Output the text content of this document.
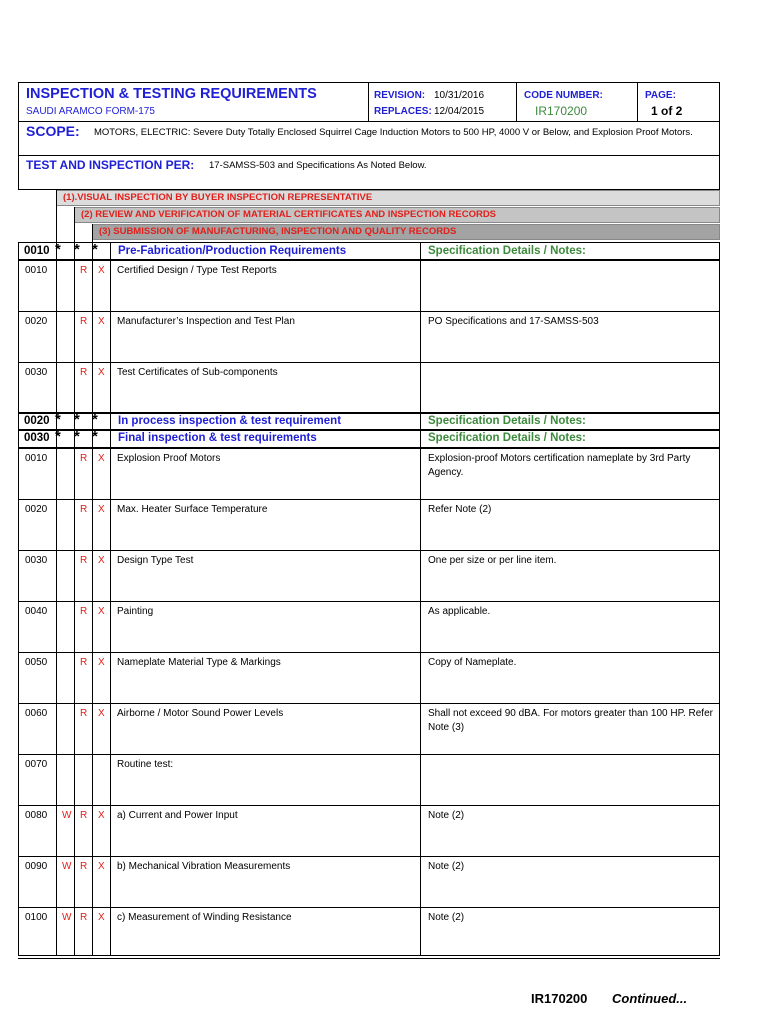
INSPECTION & TESTING REQUIREMENTS
SAUDI ARAMCO FORM-175
REVISION: 10/31/2016
REPLACES: 12/04/2015
CODE NUMBER:
IR170200
PAGE:
1 of 2
SCOPE: MOTORS, ELECTRIC: Severe Duty Totally Enclosed Squirrel Cage Induction Motors to 500 HP, 4000 V or Below, and Explosion Proof Motors.
TEST AND INSPECTION PER: 17-SAMSS-503 and Specifications As Noted Below.
(1).VISUAL INSPECTION BY BUYER INSPECTION REPRESENTATIVE
(2) REVIEW AND VERIFICATION OF MATERIAL CERTIFICATES AND INSPECTION RECORDS
(3) SUBMISSION OF MANUFACTURING, INSPECTION AND QUALITY RECORDS
0010 * * * Pre-Fabrication/Production Requirements	Specification Details / Notes:
0010	R X Certified Design / Type Test Reports
0020	R X Manufacturer’s Inspection and Test Plan	PO Specifications and 17-SAMSS-503
0030	R X Test Certificates of Sub-components
0020 * * * In process inspection & test requirement	Specification Details / Notes:
0030 * * * Final inspection & test requirements	Specification Details / Notes:
0010	R X Explosion Proof Motors	Explosion-proof Motors certification nameplate by 3rd Party Agency.
0020	R X Max. Heater Surface Temperature	Refer Note (2)
0030	R X Design Type Test	One per size or per line item.
0040	R X Painting	As applicable.
0050	R X Nameplate Material Type & Markings	Copy of Nameplate.
0060	R X Airborne / Motor Sound Power Levels	Shall not exceed 90 dBA. For motors greater than 100 HP. Refer Note (3)
0070	Routine test:
0080 W R X a) Current and Power Input	Note (2)
0090 W R X b) Mechanical Vibration Measurements	Note (2)
0100 W R X c) Measurement of Winding Resistance	Note (2)
IR170200 Continued...
